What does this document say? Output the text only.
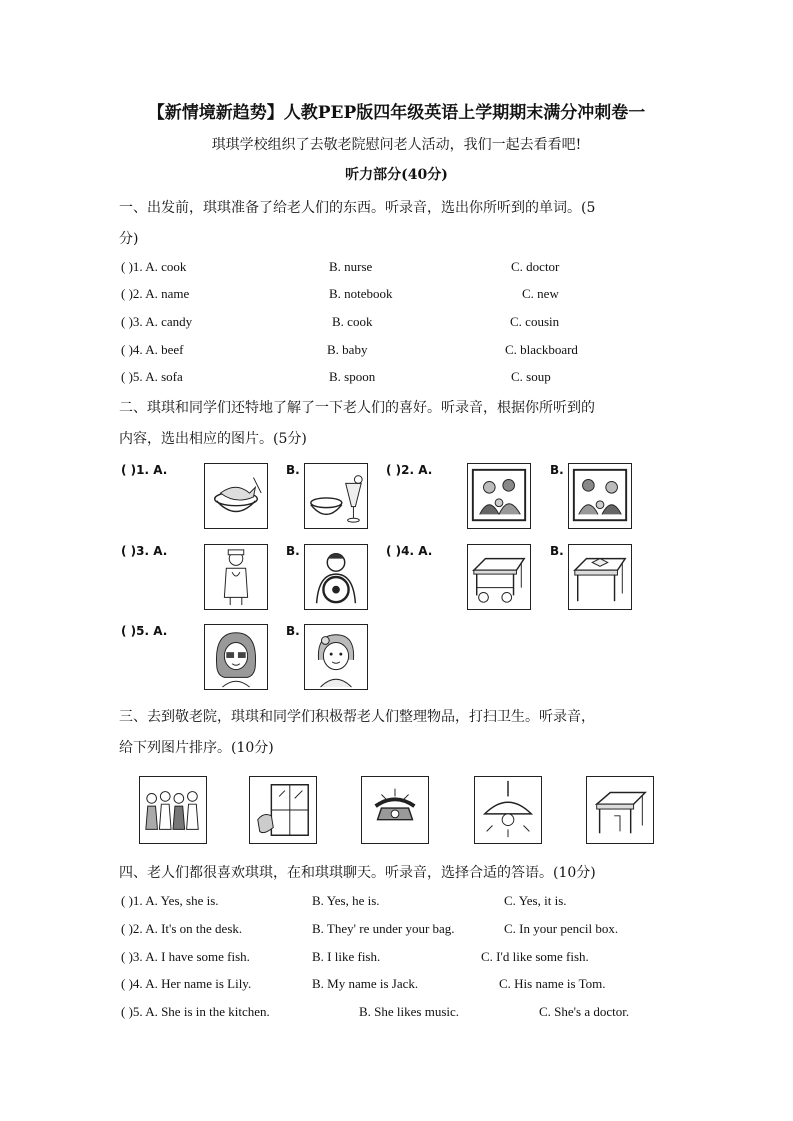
【新情境新趋势】人教PEP版四年级英语上学期期末满分冲刺卷一
琪琪学校组织了去敬老院慰问老人活动，我们一起去看看吧!
听力部分(40分)
一、出发前，琪琪准备了给老人们的东西。听录音，选出你所听到的单词。(5
分)
( )1. A. cook	B. nurse	C. doctor
( )2. A. name	B. notebook	C. new
( )3. A. candy	B. cook	C. cousin
( )4. A. beef	B. baby	C. blackboard
( )5. A. sofa	B. spoon	C. soup
二、琪琪和同学们还特地了解了一下老人们的喜好。听录音，根据你所听到的
内容，选出相应的图片。(5分)
( )1. A.	B.	( )2. A.	B.
( )3. A.	B.	( )4. A.	B.
( )5. A.	B.
三、去到敬老院，琪琪和同学们积极帮老人们整理物品，打扫卫生。听录音，
给下列图片排序。(10分)
四、老人们都很喜欢琪琪，在和琪琪聊天。听录音，选择合适的答语。(10分)
( )1. A. Yes, she is.	B. Yes, he is.	C. Yes, it is.
( )2. A. It's on the desk.	B. They' re under your bag.	C. In your pencil box.
( )3. A. I have some fish.	B. I like fish.	C. I'd like some fish.
( )4. A. Her name is Lily.	B. My name is Jack.	C. His name is Tom.
( )5. A. She is in the kitchen.	B. She likes music.	C. She's a doctor.
